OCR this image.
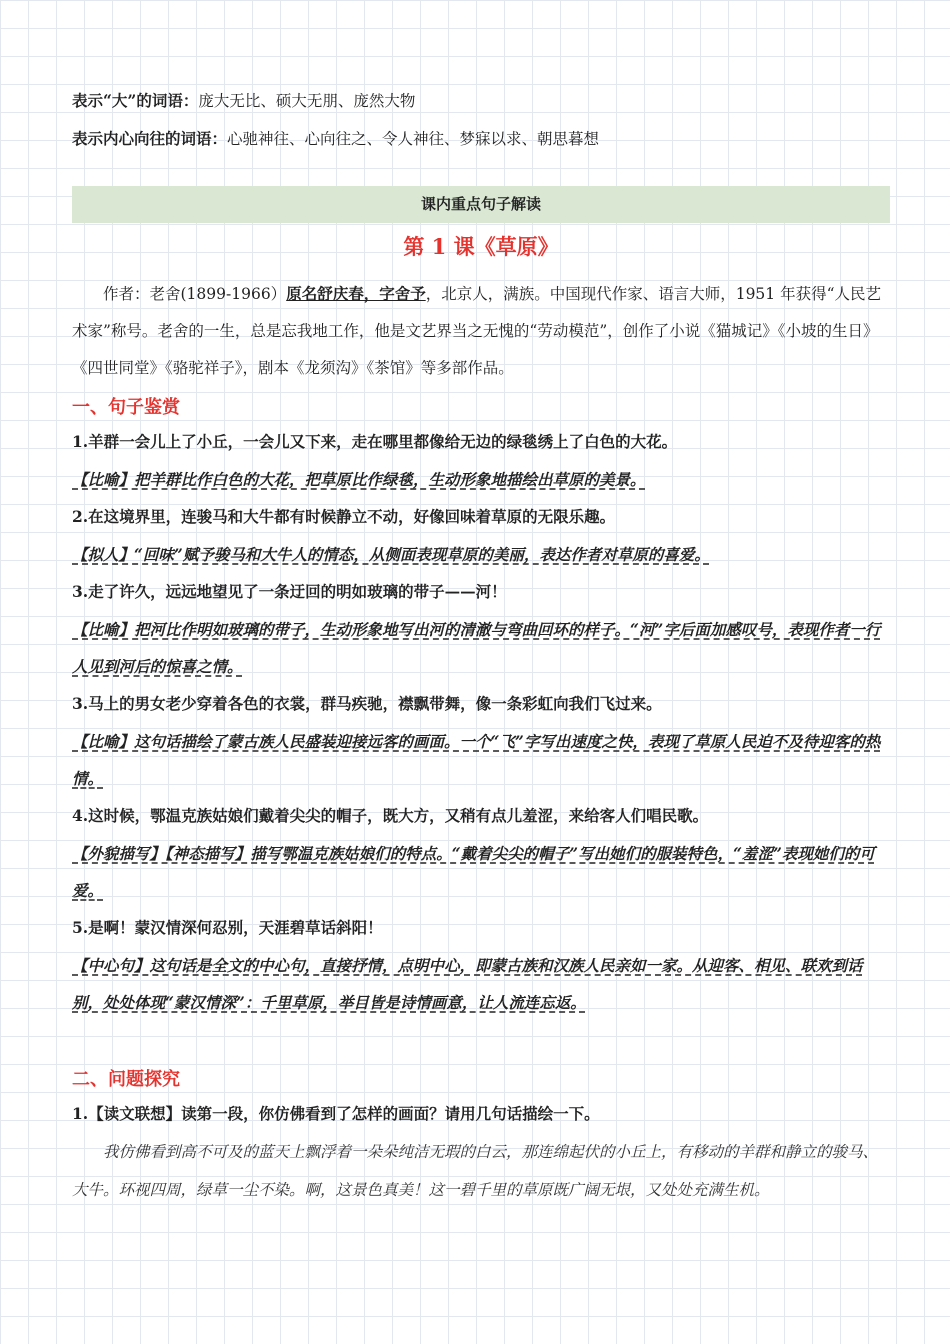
表示“大”的词语：庞大无比、硕大无朋、庞然大物
表示内心向往的词语：心驰神往、心向往之、令人神往、梦寐以求、朝思暮想
课内重点句子解读
第 1 课《草原》

作者：老舍(1899-1966）原名舒庆春，字舍予，北京人，满族。中国现代作家、语言大师，1951 年获得“人民艺术家”称号。老舍的一生，总是忘我地工作，他是文艺界当之无愧的“劳动模范”，创作了小说《猫城记》《小坡的生日》《四世同堂》《骆驼祥子》，剧本《龙须沟》《茶馆》等多部作品。

一、句子鉴赏

1.羊群一会儿上了小丘，一会儿又下来，走在哪里都像给无边的绿毯绣上了白色的大花。

【比喻】把羊群比作白色的大花，把草原比作绿毯，生动形象地描绘出草原的美景。

2.在这境界里，连骏马和大牛都有时候静立不动，好像回味着草原的无限乐趣。

【拟人】“回味”赋予骏马和大牛人的情态，从侧面表现草原的美丽，表达作者对草原的喜爱。

3.走了许久，远远地望见了一条迂回的明如玻璃的带子——河！

【比喻】把河比作明如玻璃的带子，生动形象地写出河的清澈与弯曲回环的样子。“河”字后面加感叹号，表现作者一行人见到河后的惊喜之情。

3.马上的男女老少穿着各色的衣裳，群马疾驰，襟飘带舞，像一条彩虹向我们飞过来。

【比喻】这句话描绘了蒙古族人民盛装迎接远客的画面。一个“飞”字写出速度之快，表现了草原人民迫不及待迎客的热情。

4.这时候，鄂温克族姑娘们戴着尖尖的帽子，既大方，又稍有点儿羞涩，来给客人们唱民歌。

【外貌描写】【神态描写】描写鄂温克族姑娘们的特点。“戴着尖尖的帽子”写出她们的服装特色，“羞涩”表现她们的可爱。

5.是啊！蒙汉情深何忍别，天涯碧草话斜阳！

【中心句】这句话是全文的中心句，直接抒情，点明中心，即蒙古族和汉族人民亲如一家。从迎客、相见、联欢到话别，处处体现“蒙汉情深”：千里草原，举目皆是诗情画意，让人流连忘返。

二、问题探究

1.【读文联想】读第一段，你仿佛看到了怎样的画面？请用几句话描绘一下。

我仿佛看到高不可及的蓝天上飘浮着一朵朵纯洁无瑕的白云，那连绵起伏的小丘上，有移动的羊群和静立的骏马、大牛。环视四周，绿草一尘不染。啊，这景色真美！这一碧千里的草原既广阔无垠，又处处充满生机。
